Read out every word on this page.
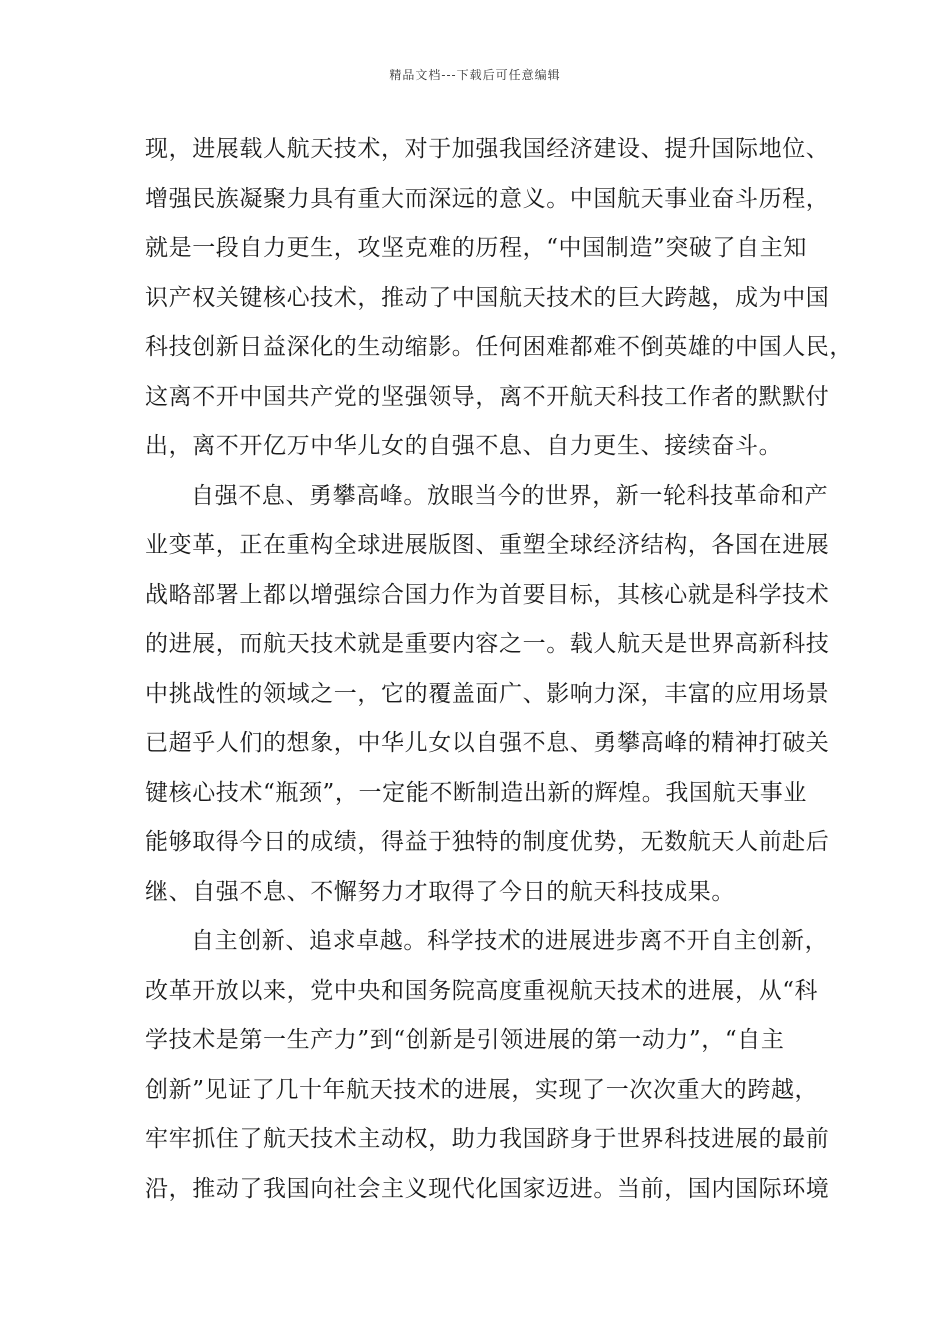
精品文档---下载后可任意编辑
现，进展载人航天技术，对于加强我国经济建设、提升国际地位、
增强民族凝聚力具有重大而深远的意义。中国航天事业奋斗历程，
就是一段自力更生，攻坚克难的历程，“中国制造”突破了自主知
识产权关键核心技术，推动了中国航天技术的巨大跨越，成为中国
科技创新日益深化的生动缩影。任何困难都难不倒英雄的中国人民，
这离不开中国共产党的坚强领导，离不开航天科技工作者的默默付
出，离不开亿万中华儿女的自强不息、自力更生、接续奋斗。
自强不息、勇攀高峰。放眼当今的世界，新一轮科技革命和产
业变革，正在重构全球进展版图、重塑全球经济结构，各国在进展
战略部署上都以增强综合国力作为首要目标，其核心就是科学技术
的进展，而航天技术就是重要内容之一。载人航天是世界高新科技
中挑战性的领域之一，它的覆盖面广、影响力深，丰富的应用场景
已超乎人们的想象，中华儿女以自强不息、勇攀高峰的精神打破关
键核心技术“瓶颈”，一定能不断制造出新的辉煌。我国航天事业
能够取得今日的成绩，得益于独特的制度优势，无数航天人前赴后
继、自强不息、不懈努力才取得了今日的航天科技成果。
自主创新、追求卓越。科学技术的进展进步离不开自主创新，
改革开放以来，党中央和国务院高度重视航天技术的进展，从“科
学技术是第一生产力”到“创新是引领进展的第一动力”，“自主
创新”见证了几十年航天技术的进展，实现了一次次重大的跨越，
牢牢抓住了航天技术主动权，助力我国跻身于世界科技进展的最前
沿，推动了我国向社会主义现代化国家迈进。当前，国内国际环境
